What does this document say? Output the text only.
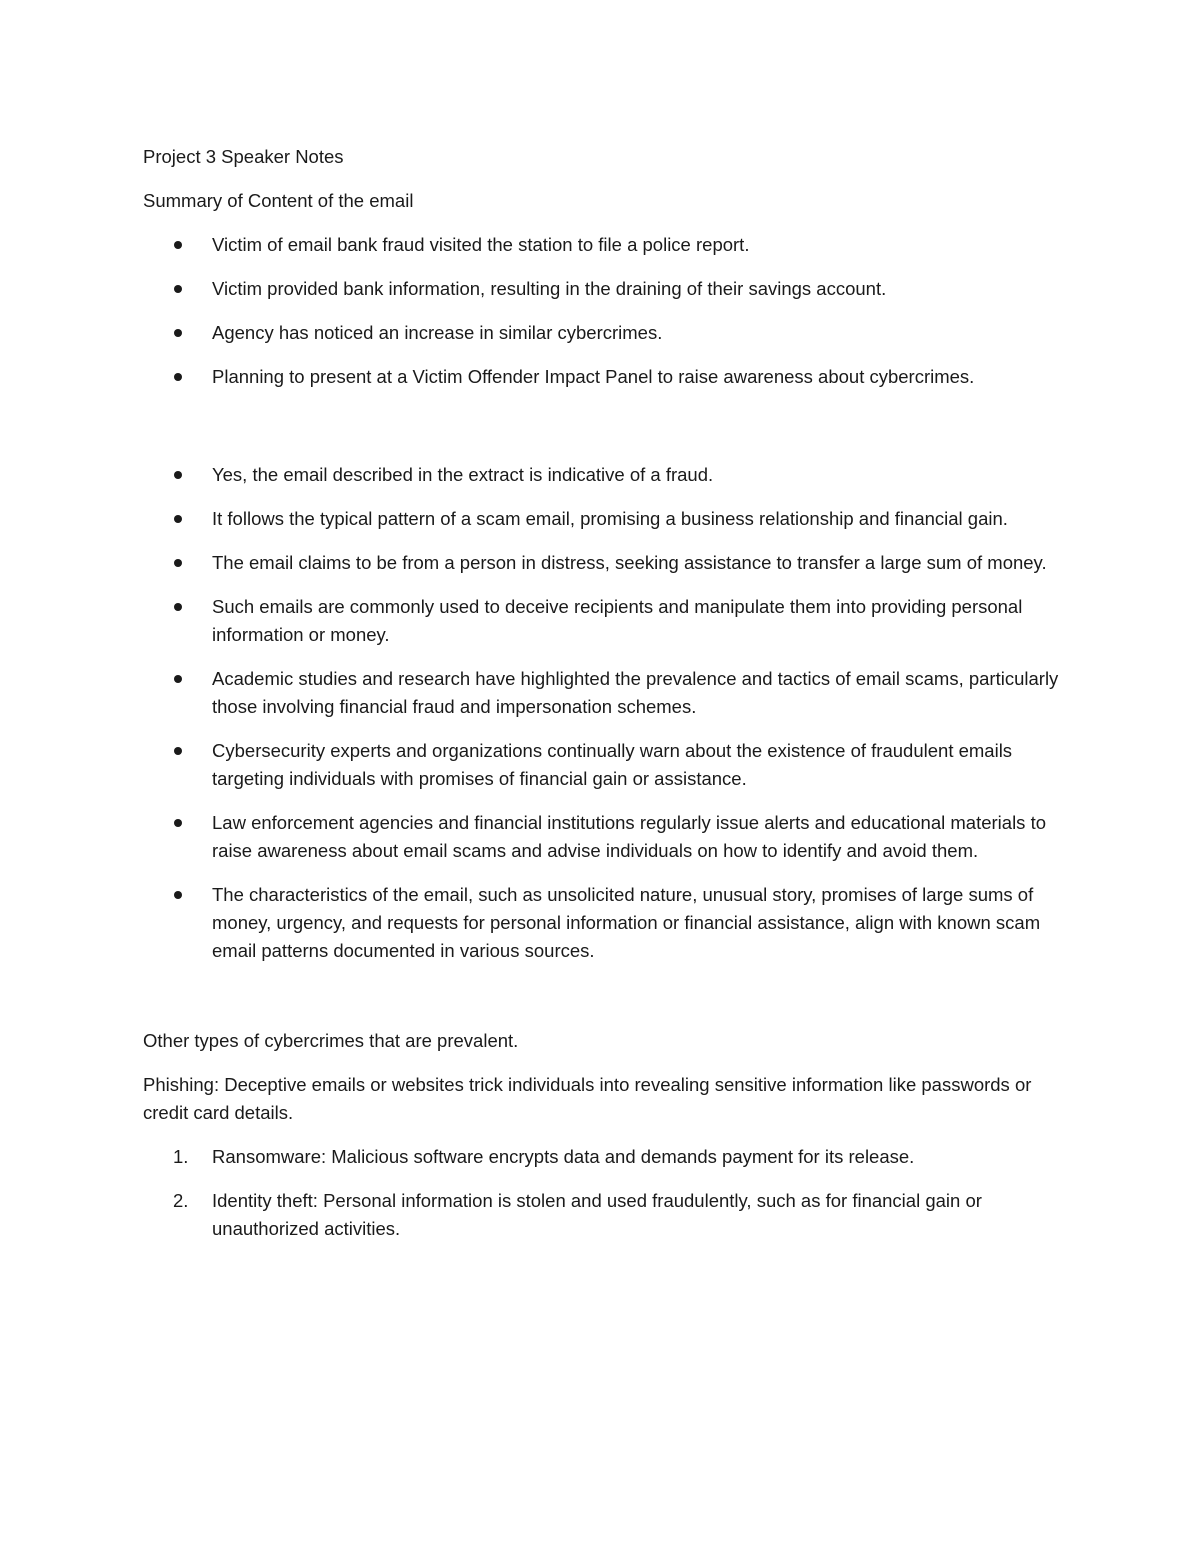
Project 3 Speaker Notes

Summary of Content of the email

Victim of email bank fraud visited the station to file a police report.
Victim provided bank information, resulting in the draining of their savings account.
Agency has noticed an increase in similar cybercrimes.
Planning to present at a Victim Offender Impact Panel to raise awareness about cybercrimes.
Yes, the email described in the extract is indicative of a fraud.
It follows the typical pattern of a scam email, promising a business relationship and financial gain.
The email claims to be from a person in distress, seeking assistance to transfer a large sum of money.
Such emails are commonly used to deceive recipients and manipulate them into providing personal information or money.
Academic studies and research have highlighted the prevalence and tactics of email scams, particularly those involving financial fraud and impersonation schemes.
Cybersecurity experts and organizations continually warn about the existence of fraudulent emails targeting individuals with promises of financial gain or assistance.
Law enforcement agencies and financial institutions regularly issue alerts and educational materials to raise awareness about email scams and advise individuals on how to identify and avoid them.
The characteristics of the email, such as unsolicited nature, unusual story, promises of large sums of money, urgency, and requests for personal information or financial assistance, align with known scam email patterns documented in various sources.

Other types of cybercrimes that are prevalent.

Phishing: Deceptive emails or websites trick individuals into revealing sensitive information like passwords or credit card details.

1. Ransomware: Malicious software encrypts data and demands payment for its release.
2. Identity theft: Personal information is stolen and used fraudulently, such as for financial gain or unauthorized activities.
